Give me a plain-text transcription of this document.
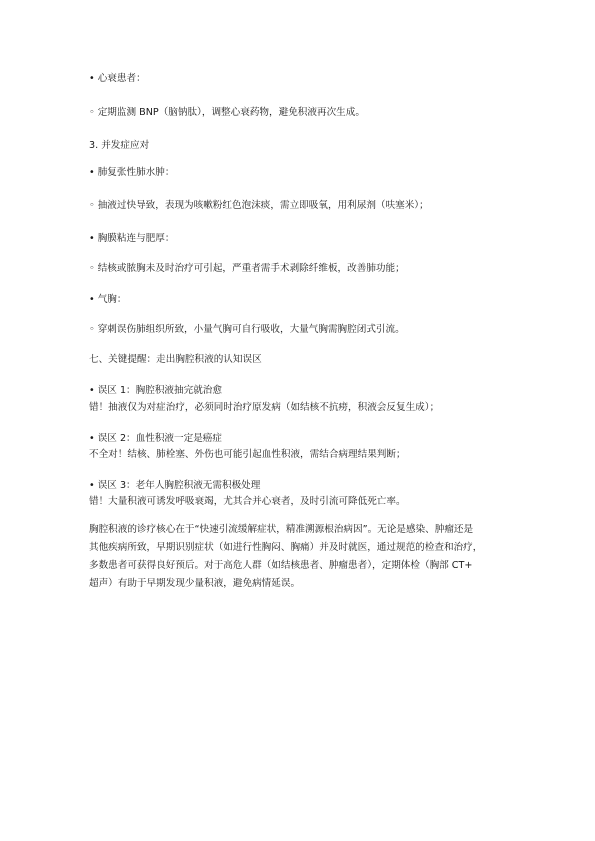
• 心衰患者：
◦ 定期监测 BNP（脑钠肽），调整心衰药物，避免积液再次生成。
3. 并发症应对
• 肺复张性肺水肿：
◦ 抽液过快导致，表现为咳嗽粉红色泡沫痰，需立即吸氧，用利尿剂（呋塞米）；
• 胸膜粘连与肥厚：
◦ 结核或脓胸未及时治疗可引起，严重者需手术剥除纤维板，改善肺功能；
• 气胸：
◦ 穿刺误伤肺组织所致，小量气胸可自行吸收，大量气胸需胸腔闭式引流。
七、关键提醒：走出胸腔积液的认知误区
• 误区 1：胸腔积液抽完就治愈
错！抽液仅为对症治疗，必须同时治疗原发病（如结核不抗痨，积液会反复生成）；
• 误区 2：血性积液一定是癌症
不全对！结核、肺栓塞、外伤也可能引起血性积液，需结合病理结果判断；
• 误区 3：老年人胸腔积液无需积极处理
错！大量积液可诱发呼吸衰竭，尤其合并心衰者，及时引流可降低死亡率。
胸腔积液的诊疗核心在于“快速引流缓解症状，精准溯源根治病因”。无论是感染、肿瘤还是
其他疾病所致，早期识别症状（如进行性胸闷、胸痛）并及时就医，通过规范的检查和治疗，
多数患者可获得良好预后。对于高危人群（如结核患者、肿瘤患者），定期体检（胸部 CT+
超声）有助于早期发现少量积液，避免病情延误。
